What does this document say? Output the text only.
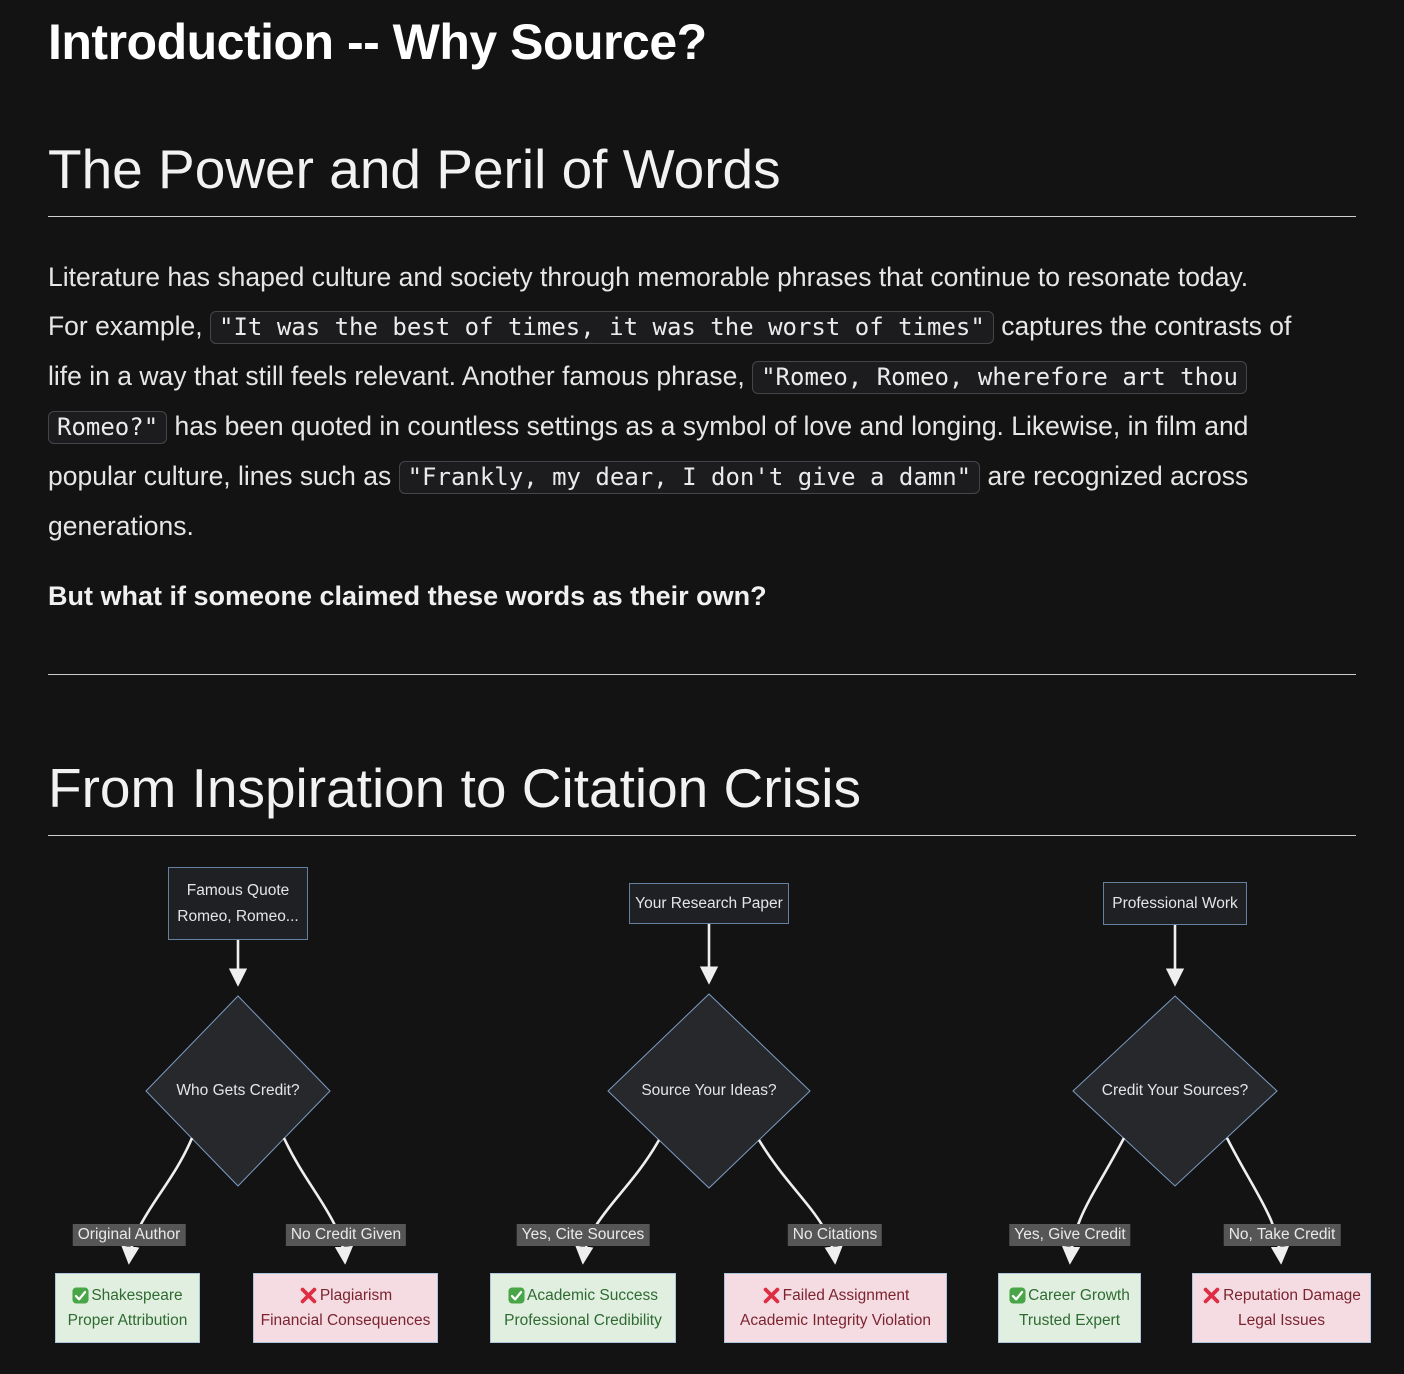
Introduction -- Why Source?
The Power and Peril of Words

Literature has shaped culture and society through memorable phrases that continue to resonate today. For example, "It was the best of times, it was the worst of times" captures the contrasts of life in a way that still feels relevant. Another famous phrase, "Romeo, Romeo, wherefore art thou Romeo?" has been quoted in countless settings as a symbol of love and longing. Likewise, in film and popular culture, lines such as "Frankly, my dear, I don't give a damn" are recognized across generations.

But what if someone claimed these words as their own?

From Inspiration to Citation Crisis
Famous Quote
Romeo, Romeo...
Your Research Paper	Professional Work
Who Gets Credit?	Source Your Ideas?	Credit Your Sources?
Original Author	No Credit Given	Yes, Cite Sources	No Citations	Yes, Give Credit	No, Take Credit
Shakespeare
Proper Attribution
Plagiarism
Financial Consequences
Academic Success
Professional Credibility
Failed Assignment
Academic Integrity Violation
Career Growth
Trusted Expert
Reputation Damage
Legal Issues
